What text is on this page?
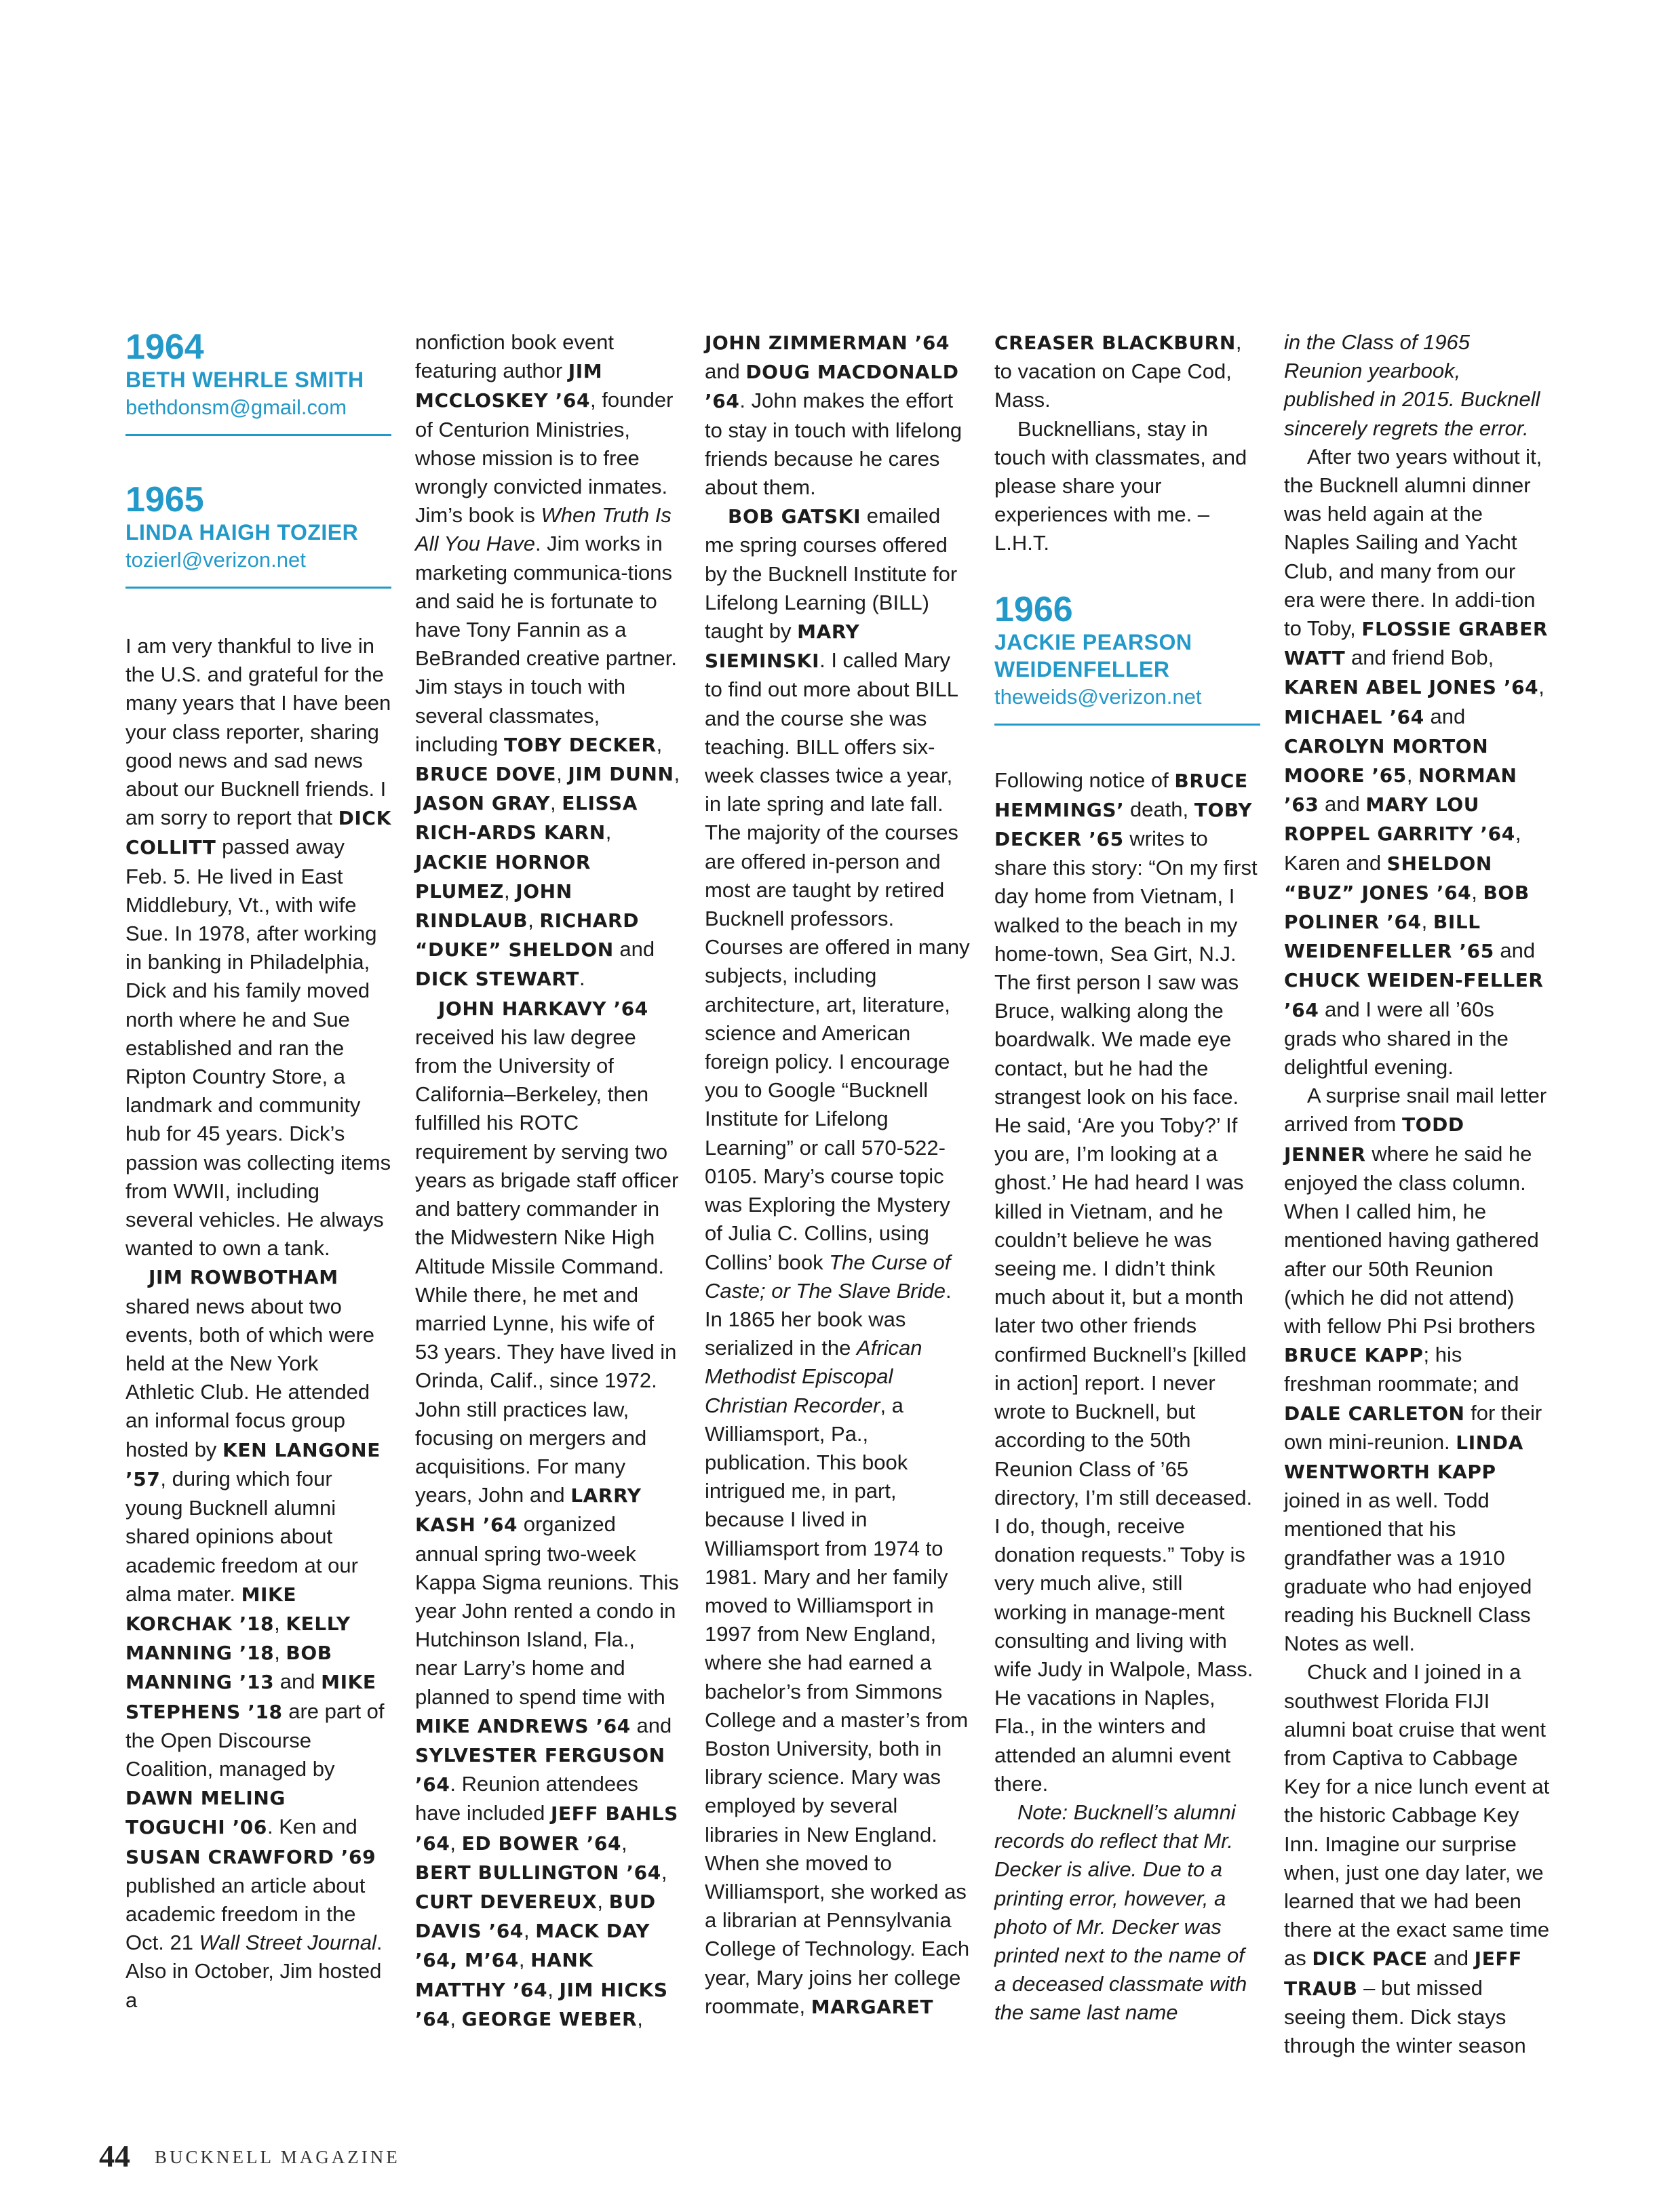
1964

BETH WEHRLE SMITH

bethdonsm@gmail.com

1965

LINDA HAIGH TOZIER

tozierl@verizon.net

I am very thankful to live in the U.S. and grateful for the many years that I have been your class reporter, sharing good news and sad news about our Bucknell friends. I am sorry to report that DICK COLLITT passed away Feb. 5. He lived in East Middlebury, Vt., with wife Sue. In 1978, after working in banking in Philadelphia, Dick and his family moved north where he and Sue established and ran the Ripton Country Store, a landmark and community hub for 45 years. Dick’s passion was collecting items from WWII, including several vehicles. He always wanted to own a tank.

JIM ROWBOTHAM shared news about two events, both of which were held at the New York Athletic Club. He attended an informal focus group hosted by KEN LANGONE ’57, during which four young Bucknell alumni shared opinions about academic freedom at our alma mater. MIKE KORCHAK ’18, KELLY MANNING ’18, BOB MANNING ’13 and MIKE STEPHENS ’18 are part of the Open Discourse Coalition, managed by DAWN MELING TOGUCHI ’06. Ken and SUSAN CRAWFORD ’69 published an article about academic freedom in the Oct. 21 Wall Street Journal. Also in October, Jim hosted a

nonfiction book event featuring author JIM MCCLOSKEY ’64, founder of Centurion Ministries, whose mission is to free wrongly convicted inmates. Jim’s book is When Truth Is All You Have. Jim works in marketing communica-tions and said he is fortunate to have Tony Fannin as a BeBranded creative partner. Jim stays in touch with several classmates, including TOBY DECKER, BRUCE DOVE, JIM DUNN, JASON GRAY, ELISSA RICH-ARDS KARN, JACKIE HORNOR PLUMEZ, JOHN RINDLAUB, RICHARD “DUKE” SHELDON and DICK STEWART.

JOHN HARKAVY ’64 received his law degree from the University of California–Berkeley, then fulfilled his ROTC requirement by serving two years as brigade staff officer and battery commander in the Midwestern Nike High Altitude Missile Command. While there, he met and married Lynne, his wife of 53 years. They have lived in Orinda, Calif., since 1972. John still practices law, focusing on mergers and acquisitions. For many years, John and LARRY KASH ’64 organized annual spring two-week Kappa Sigma reunions. This year John rented a condo in Hutchinson Island, Fla., near Larry’s home and planned to spend time with MIKE ANDREWS ’64 and SYLVESTER FERGUSON ’64. Reunion attendees have included JEFF BAHLS ’64, ED BOWER ’64, BERT BULLINGTON ’64, CURT DEVEREUX, BUD DAVIS ’64, MACK DAY ’64, M’64, HANK MATTHY ’64, JIM HICKS ’64, GEORGE WEBER,

JOHN ZIMMERMAN ’64 and DOUG MACDONALD ’64. John makes the effort to stay in touch with lifelong friends because he cares about them.

BOB GATSKI emailed me spring courses offered by the Bucknell Institute for Lifelong Learning (BILL) taught by MARY SIEMINSKI. I called Mary to find out more about BILL and the course she was teaching. BILL offers six-week classes twice a year, in late spring and late fall. The majority of the courses are offered in-person and most are taught by retired Bucknell professors. Courses are offered in many subjects, including architecture, art, literature, science and American foreign policy. I encourage you to Google “Bucknell Institute for Lifelong Learning” or call 570-522-0105. Mary’s course topic was Exploring the Mystery of Julia C. Collins, using Collins’ book The Curse of Caste; or The Slave Bride. In 1865 her book was serialized in the African Methodist Episcopal Christian Recorder, a Williamsport, Pa., publication. This book intrigued me, in part, because I lived in Williamsport from 1974 to 1981. Mary and her family moved to Williamsport in 1997 from New England, where she had earned a bachelor’s from Simmons College and a master’s from Boston University, both in library science. Mary was employed by several libraries in New England. When she moved to Williamsport, she worked as a librarian at Pennsylvania College of Technology. Each year, Mary joins her college roommate, MARGARET

CREASER BLACKBURN, to vacation on Cape Cod, Mass.

Bucknellians, stay in touch with classmates, and please share your experiences with me. – L.H.T.

1966

JACKIE PEARSON WEIDENFELLER

theweids@verizon.net

Following notice of BRUCE HEMMINGS’ death, TOBY DECKER ’65 writes to share this story: “On my first day home from Vietnam, I walked to the beach in my home-town, Sea Girt, N.J. The first person I saw was Bruce, walking along the boardwalk. We made eye contact, but he had the strangest look on his face. He said, ‘Are you Toby?’ If you are, I’m looking at a ghost.’ He had heard I was killed in Vietnam, and he couldn’t believe he was seeing me. I didn’t think much about it, but a month later two other friends confirmed Bucknell’s [killed in action] report. I never wrote to Bucknell, but according to the 50th Reunion Class of ’65 directory, I’m still deceased. I do, though, receive donation requests.” Toby is very much alive, still working in manage-ment consulting and living with wife Judy in Walpole, Mass. He vacations in Naples, Fla., in the winters and attended an alumni event there.

Note: Bucknell’s alumni records do reflect that Mr. Decker is alive. Due to a printing error, however, a photo of Mr. Decker was printed next to the name of a deceased classmate with the same last name

in the Class of 1965 Reunion yearbook, published in 2015. Bucknell sincerely regrets the error.

After two years without it, the Bucknell alumni dinner was held again at the Naples Sailing and Yacht Club, and many from our era were there. In addi-tion to Toby, FLOSSIE GRABER WATT and friend Bob, KAREN ABEL JONES ’64, MICHAEL ’64 and CAROLYN MORTON MOORE ’65, NORMAN ’63 and MARY LOU ROPPEL GARRITY ’64, Karen and SHELDON “BUZ” JONES ’64, BOB POLINER ’64, BILL WEIDENFELLER ’65 and CHUCK WEIDEN-FELLER ’64 and I were all ’60s grads who shared in the delightful evening.

A surprise snail mail letter arrived from TODD JENNER where he said he enjoyed the class column. When I called him, he mentioned having gathered after our 50th Reunion (which he did not attend) with fellow Phi Psi brothers BRUCE KAPP; his freshman roommate; and DALE CARLETON for their own mini-reunion. LINDA WENTWORTH KAPP joined in as well. Todd mentioned that his grandfather was a 1910 graduate who had enjoyed reading his Bucknell Class Notes as well.

Chuck and I joined in a southwest Florida FIJI alumni boat cruise that went from Captiva to Cabbage Key for a nice lunch event at the historic Cabbage Key Inn. Imagine our surprise when, just one day later, we learned that we had been there at the exact same time as DICK PACE and JEFF TRAUB – but missed seeing them. Dick stays through the winter season

44 BUCKNELL MAGAZINE
